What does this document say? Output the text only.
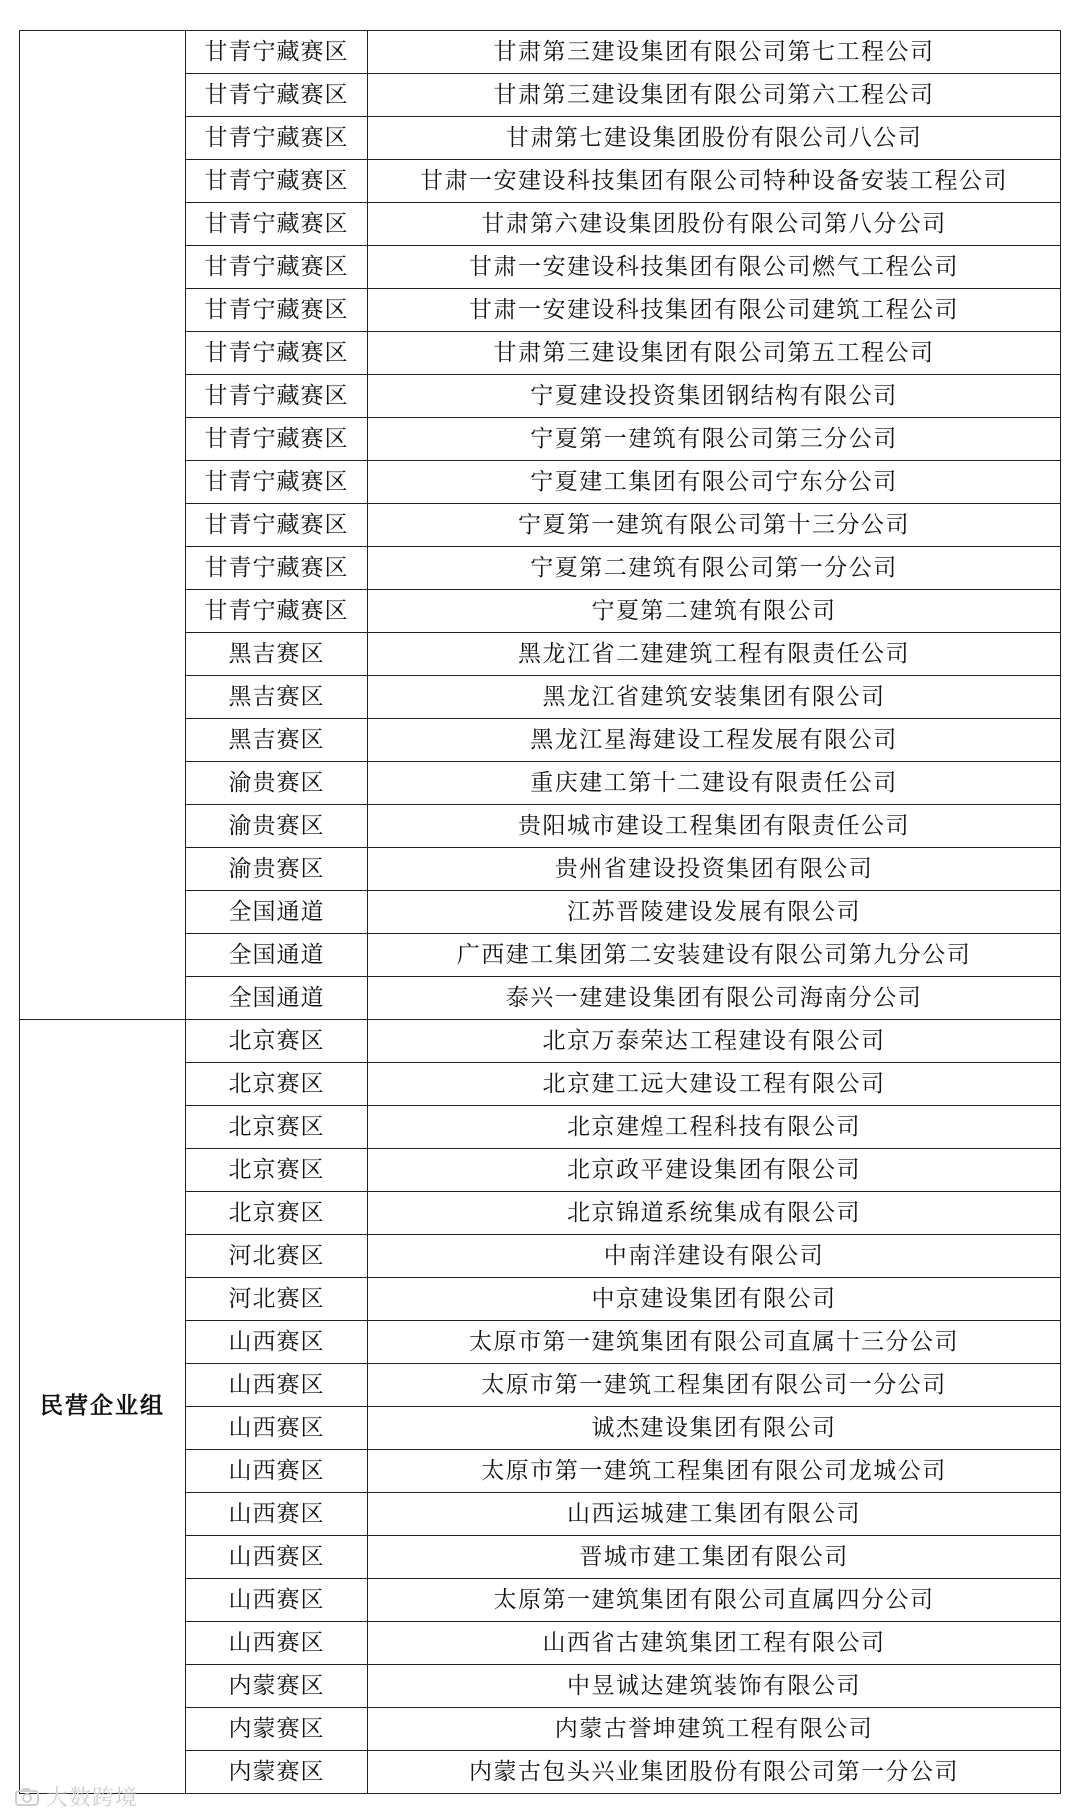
	甘青宁藏赛区	甘肃第三建设集团有限公司第七工程公司
	甘青宁藏赛区	甘肃第三建设集团有限公司第六工程公司
	甘青宁藏赛区	甘肃第七建设集团股份有限公司八公司
	甘青宁藏赛区	甘肃一安建设科技集团有限公司特种设备安装工程公司
	甘青宁藏赛区	甘肃第六建设集团股份有限公司第八分公司
	甘青宁藏赛区	甘肃一安建设科技集团有限公司燃气工程公司
	甘青宁藏赛区	甘肃一安建设科技集团有限公司建筑工程公司
	甘青宁藏赛区	甘肃第三建设集团有限公司第五工程公司
	甘青宁藏赛区	宁夏建设投资集团钢结构有限公司
	甘青宁藏赛区	宁夏第一建筑有限公司第三分公司
	甘青宁藏赛区	宁夏建工集团有限公司宁东分公司
	甘青宁藏赛区	宁夏第一建筑有限公司第十三分公司
	甘青宁藏赛区	宁夏第二建筑有限公司第一分公司
	甘青宁藏赛区	宁夏第二建筑有限公司
	黑吉赛区	黑龙江省二建建筑工程有限责任公司
	黑吉赛区	黑龙江省建筑安装集团有限公司
	黑吉赛区	黑龙江星海建设工程发展有限公司
	渝贵赛区	重庆建工第十二建设有限责任公司
	渝贵赛区	贵阳城市建设工程集团有限责任公司
	渝贵赛区	贵州省建设投资集团有限公司
	全国通道	江苏晋陵建设发展有限公司
	全国通道	广西建工集团第二安装建设有限公司第九分公司
	全国通道	泰兴一建建设集团有限公司海南分公司
民营企业组	北京赛区	北京万泰荣达工程建设有限公司
	北京赛区	北京建工远大建设工程有限公司
	北京赛区	北京建煌工程科技有限公司
	北京赛区	北京政平建设集团有限公司
	北京赛区	北京锦道系统集成有限公司
	河北赛区	中南洋建设有限公司
	河北赛区	中京建设集团有限公司
	山西赛区	太原市第一建筑集团有限公司直属十三分公司
	山西赛区	太原市第一建筑工程集团有限公司一分公司
	山西赛区	诚杰建设集团有限公司
	山西赛区	太原市第一建筑工程集团有限公司龙城公司
	山西赛区	山西运城建工集团有限公司
	山西赛区	晋城市建工集团有限公司
	山西赛区	太原第一建筑集团有限公司直属四分公司
	山西赛区	山西省古建筑集团工程有限公司
	内蒙赛区	中昱诚达建筑装饰有限公司
	内蒙赛区	内蒙古誉坤建筑工程有限公司
	内蒙赛区	内蒙古包头兴业集团股份有限公司第一分公司
大数跨境
